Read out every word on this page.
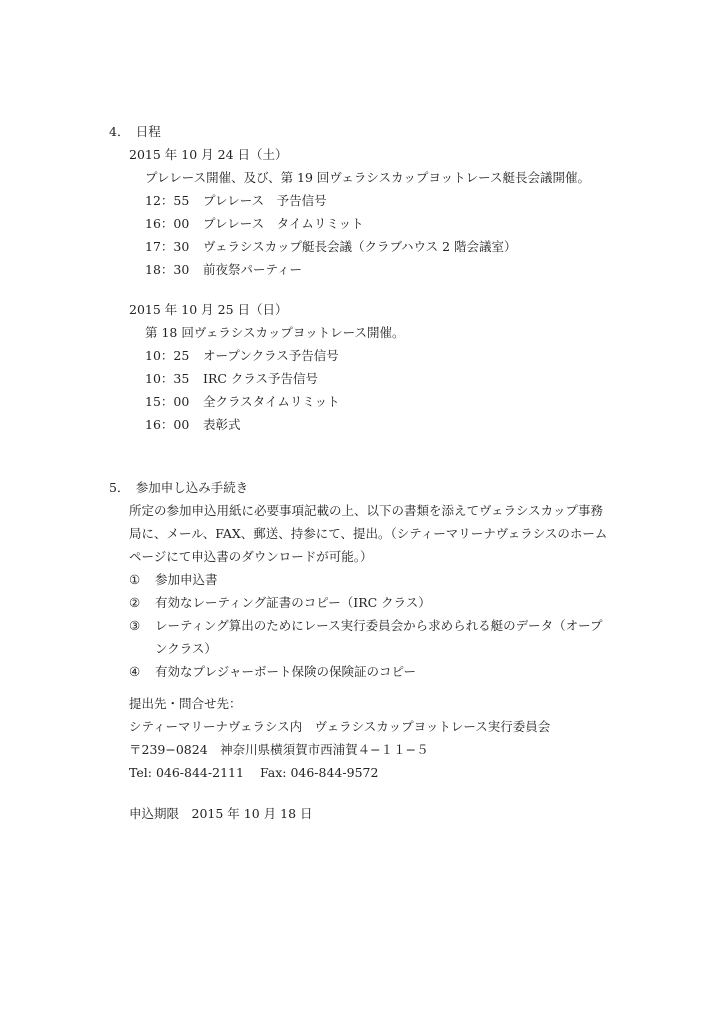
4．　日程
2015 年 10 月 24 日（土）
プレレース開催、及び、第 19 回ヴェラシスカップヨットレース艇長会議開催。
12：55 プレレース　予告信号
16：00 プレレース　タイムリミット
17：30 ヴェラシスカップ艇長会議（クラブハウス 2 階会議室）
18：30 前夜祭パーティー
2015 年 10 月 25 日（日）
第 18 回ヴェラシスカップヨットレース開催。
10：25 オープンクラス予告信号
10：35 IRC クラス予告信号
15：00 全クラスタイムリミット
16：00 表彰式
5．　参加申し込み手続き
所定の参加申込用紙に必要事項記載の上、以下の書類を添えてヴェラシスカップ事務
局に、メール、FAX、郵送、持参にて、提出。（シティーマリーナヴェラシスのホーム
ページにて申込書のダウンロードが可能。）
① 参加申込書
② 有効なレーティング証書のコピー（IRC クラス）
③ レーティング算出のためにレース実行委員会から求められる艇のデータ（オープ
ンクラス）
④ 有効なプレジャーボート保険の保険証のコピー
提出先・問合せ先：
シティーマリーナヴェラシス内　ヴェラシスカップヨットレース実行委員会
〒239−0824　神奈川県横須賀市西浦賀４−１１−５
Tel: 046-844-2111 Fax: 046-844-9572
申込期限　2015 年 10 月 18 日
